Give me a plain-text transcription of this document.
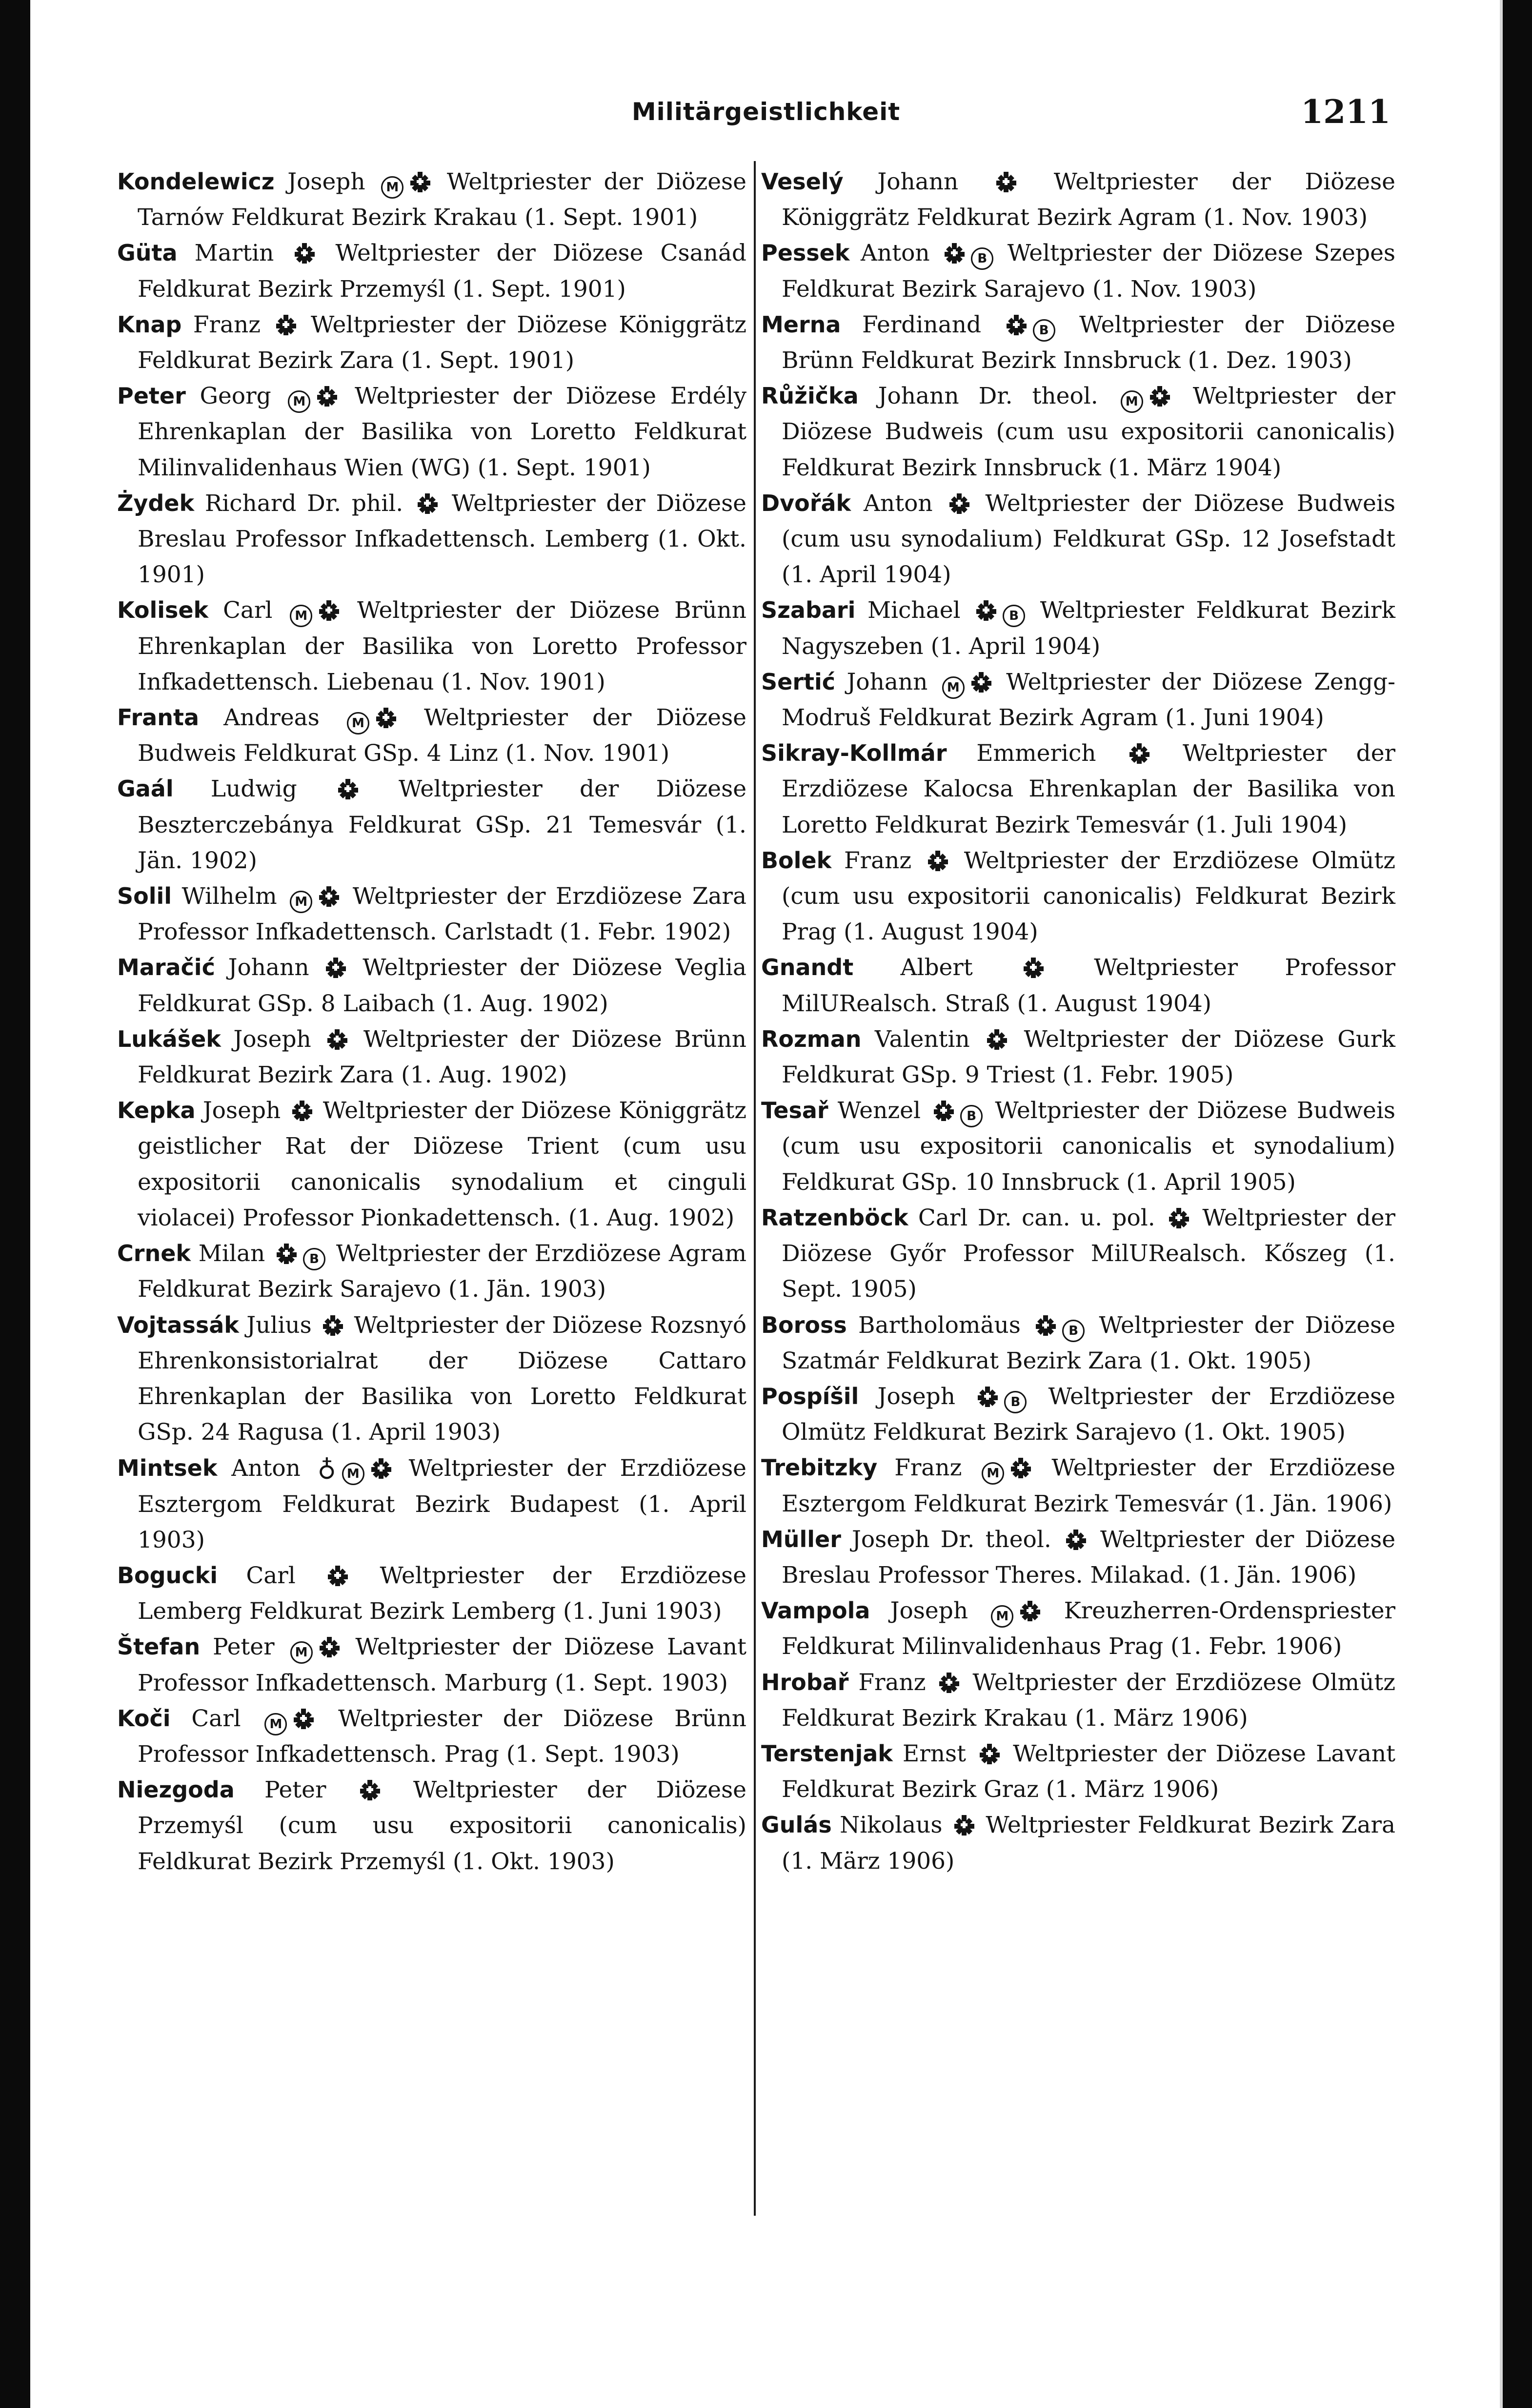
Militärgeistlichkeit	1211

Kondelewicz Joseph M
Weltpriester der Diözese Tarnów Feldkurat Bezirk Krakau (1. Sept. 1901)

Güta Martin
Weltpriester der Diözese Csanád Feldkurat Bezirk Przemyśl (1. Sept. 1901)

Knap Franz
Weltpriester der Diözese Königgrätz Feldkurat Bezirk Zara (1. Sept. 1901)

Peter Georg M
Weltpriester der Diözese Erdély Ehrenkaplan der Basilika von Loretto Feldkurat Milinvalidenhaus Wien (WG) (1. Sept. 1901)

Żydek Richard Dr. phil.
Weltpriester der Diözese Breslau Professor Infkadettensch. Lemberg (1. Okt. 1901)

Kolisek Carl M
Weltpriester der Diözese Brünn Ehrenkaplan der Basilika von Loretto Professor Infkadettensch. Liebenau (1. Nov. 1901)

Franta Andreas M
Weltpriester der Diözese Budweis Feldkurat GSp. 4 Linz (1. Nov. 1901)

Gaál Ludwig
Weltpriester der Diözese Beszterczebánya Feldkurat GSp. 21 Temesvár (1. Jän. 1902)

Solil Wilhelm M
Weltpriester der Erzdiözese Zara Professor Infkadettensch. Carlstadt (1. Febr. 1902)

Maračić Johann
Weltpriester der Diözese Veglia Feldkurat GSp. 8 Laibach (1. Aug. 1902)

Lukášek Joseph
Weltpriester der Diözese Brünn Feldkurat Bezirk Zara (1. Aug. 1902)

Kepka Joseph
Weltpriester der Diözese Königgrätz geistlicher Rat der Diözese Trient (cum usu expositorii canonicalis synodalium et cinguli violacei) Professor Pionkadettensch. (1. Aug. 1902)

Crnek Milan	B Weltpriester der Erzdiözese Agram Feldkurat Bezirk Sarajevo (1. Jän. 1903)

Vojtassák Julius
Weltpriester der Diözese Rozsnyó Ehrenkonsistorialrat der Diözese Cattaro Ehrenkaplan der Basilika von Loretto Feldkurat GSp. 24 Ragusa (1. April 1903)

Mintsek Anton ♁ M
Weltpriester der Erzdiözese Esztergom Feldkurat Bezirk Budapest (1. April 1903)

Bogucki Carl
Weltpriester der Erzdiözese Lemberg Feldkurat Bezirk Lemberg (1. Juni 1903)

Štefan Peter M
Weltpriester der Diözese Lavant Professor Infkadettensch. Marburg (1. Sept. 1903)

Koči Carl M
Weltpriester der Diözese Brünn Professor Infkadettensch. Prag (1. Sept. 1903)

Niezgoda Peter
Weltpriester der Diözese Przemyśl (cum usu expositorii canonicalis) Feldkurat Bezirk Przemyśl (1. Okt. 1903)

Veselý Johann
Weltpriester der Diözese Königgrätz Feldkurat Bezirk Agram (1. Nov. 1903)

Pessek Anton	B Weltpriester der Diözese Szepes Feldkurat Bezirk Sarajevo (1. Nov. 1903)

Merna Ferdinand	B Weltpriester der Diözese Brünn Feldkurat Bezirk Innsbruck (1. Dez. 1903)

Růžička Johann Dr. theol. M
Weltpriester der Diözese Budweis (cum usu expositorii canonicalis) Feldkurat Bezirk Innsbruck (1. März 1904)

Dvořák Anton
Weltpriester der Diözese Budweis (cum usu synodalium) Feldkurat GSp. 12 Josefstadt (1. April 1904)

Szabari Michael	B Weltpriester Feldkurat Bezirk Nagyszeben (1. April 1904)

Sertić Johann M
Weltpriester der Diözese Zengg-Modruš Feldkurat Bezirk Agram (1. Juni 1904)

Sikray-Kollmár Emmerich
Weltpriester der Erzdiözese Kalocsa Ehrenkaplan der Basilika von Loretto Feldkurat Bezirk Temesvár (1. Juli 1904)

Bolek Franz
Weltpriester der Erzdiözese Olmütz (cum usu expositorii canonicalis) Feldkurat Bezirk Prag (1. August 1904)

Gnandt Albert
Weltpriester Professor MilURealsch. Straß (1. August 1904)

Rozman Valentin
Weltpriester der Diözese Gurk Feldkurat GSp. 9 Triest (1. Febr. 1905)

Tesař Wenzel	B Weltpriester der Diözese Budweis (cum usu expositorii canonicalis et synodalium) Feldkurat GSp. 10 Innsbruck (1. April 1905)

Ratzenböck Carl Dr. can. u. pol.
Weltpriester der Diözese Győr Professor MilURealsch. Kőszeg (1. Sept. 1905)

Boross Bartholomäus	B Weltpriester der Diözese Szatmár Feldkurat Bezirk Zara (1. Okt. 1905)

Pospíšil Joseph	B Weltpriester der Erzdiözese Olmütz Feldkurat Bezirk Sarajevo (1. Okt. 1905)

Trebitzky Franz M
Weltpriester der Erzdiözese Esztergom Feldkurat Bezirk Temesvár (1. Jän. 1906)

Müller Joseph Dr. theol.
Weltpriester der Diözese Breslau Professor Theres. Milakad. (1. Jän. 1906)

Vampola Joseph M
Kreuzherren-Ordenspriester Feldkurat Milinvalidenhaus Prag (1. Febr. 1906)

Hrobař Franz
Weltpriester der Erzdiözese Olmütz Feldkurat Bezirk Krakau (1. März 1906)

Terstenjak Ernst
Weltpriester der Diözese Lavant Feldkurat Bezirk Graz (1. März 1906)

Gulás Nikolaus
Weltpriester Feldkurat Bezirk Zara (1. März 1906)
